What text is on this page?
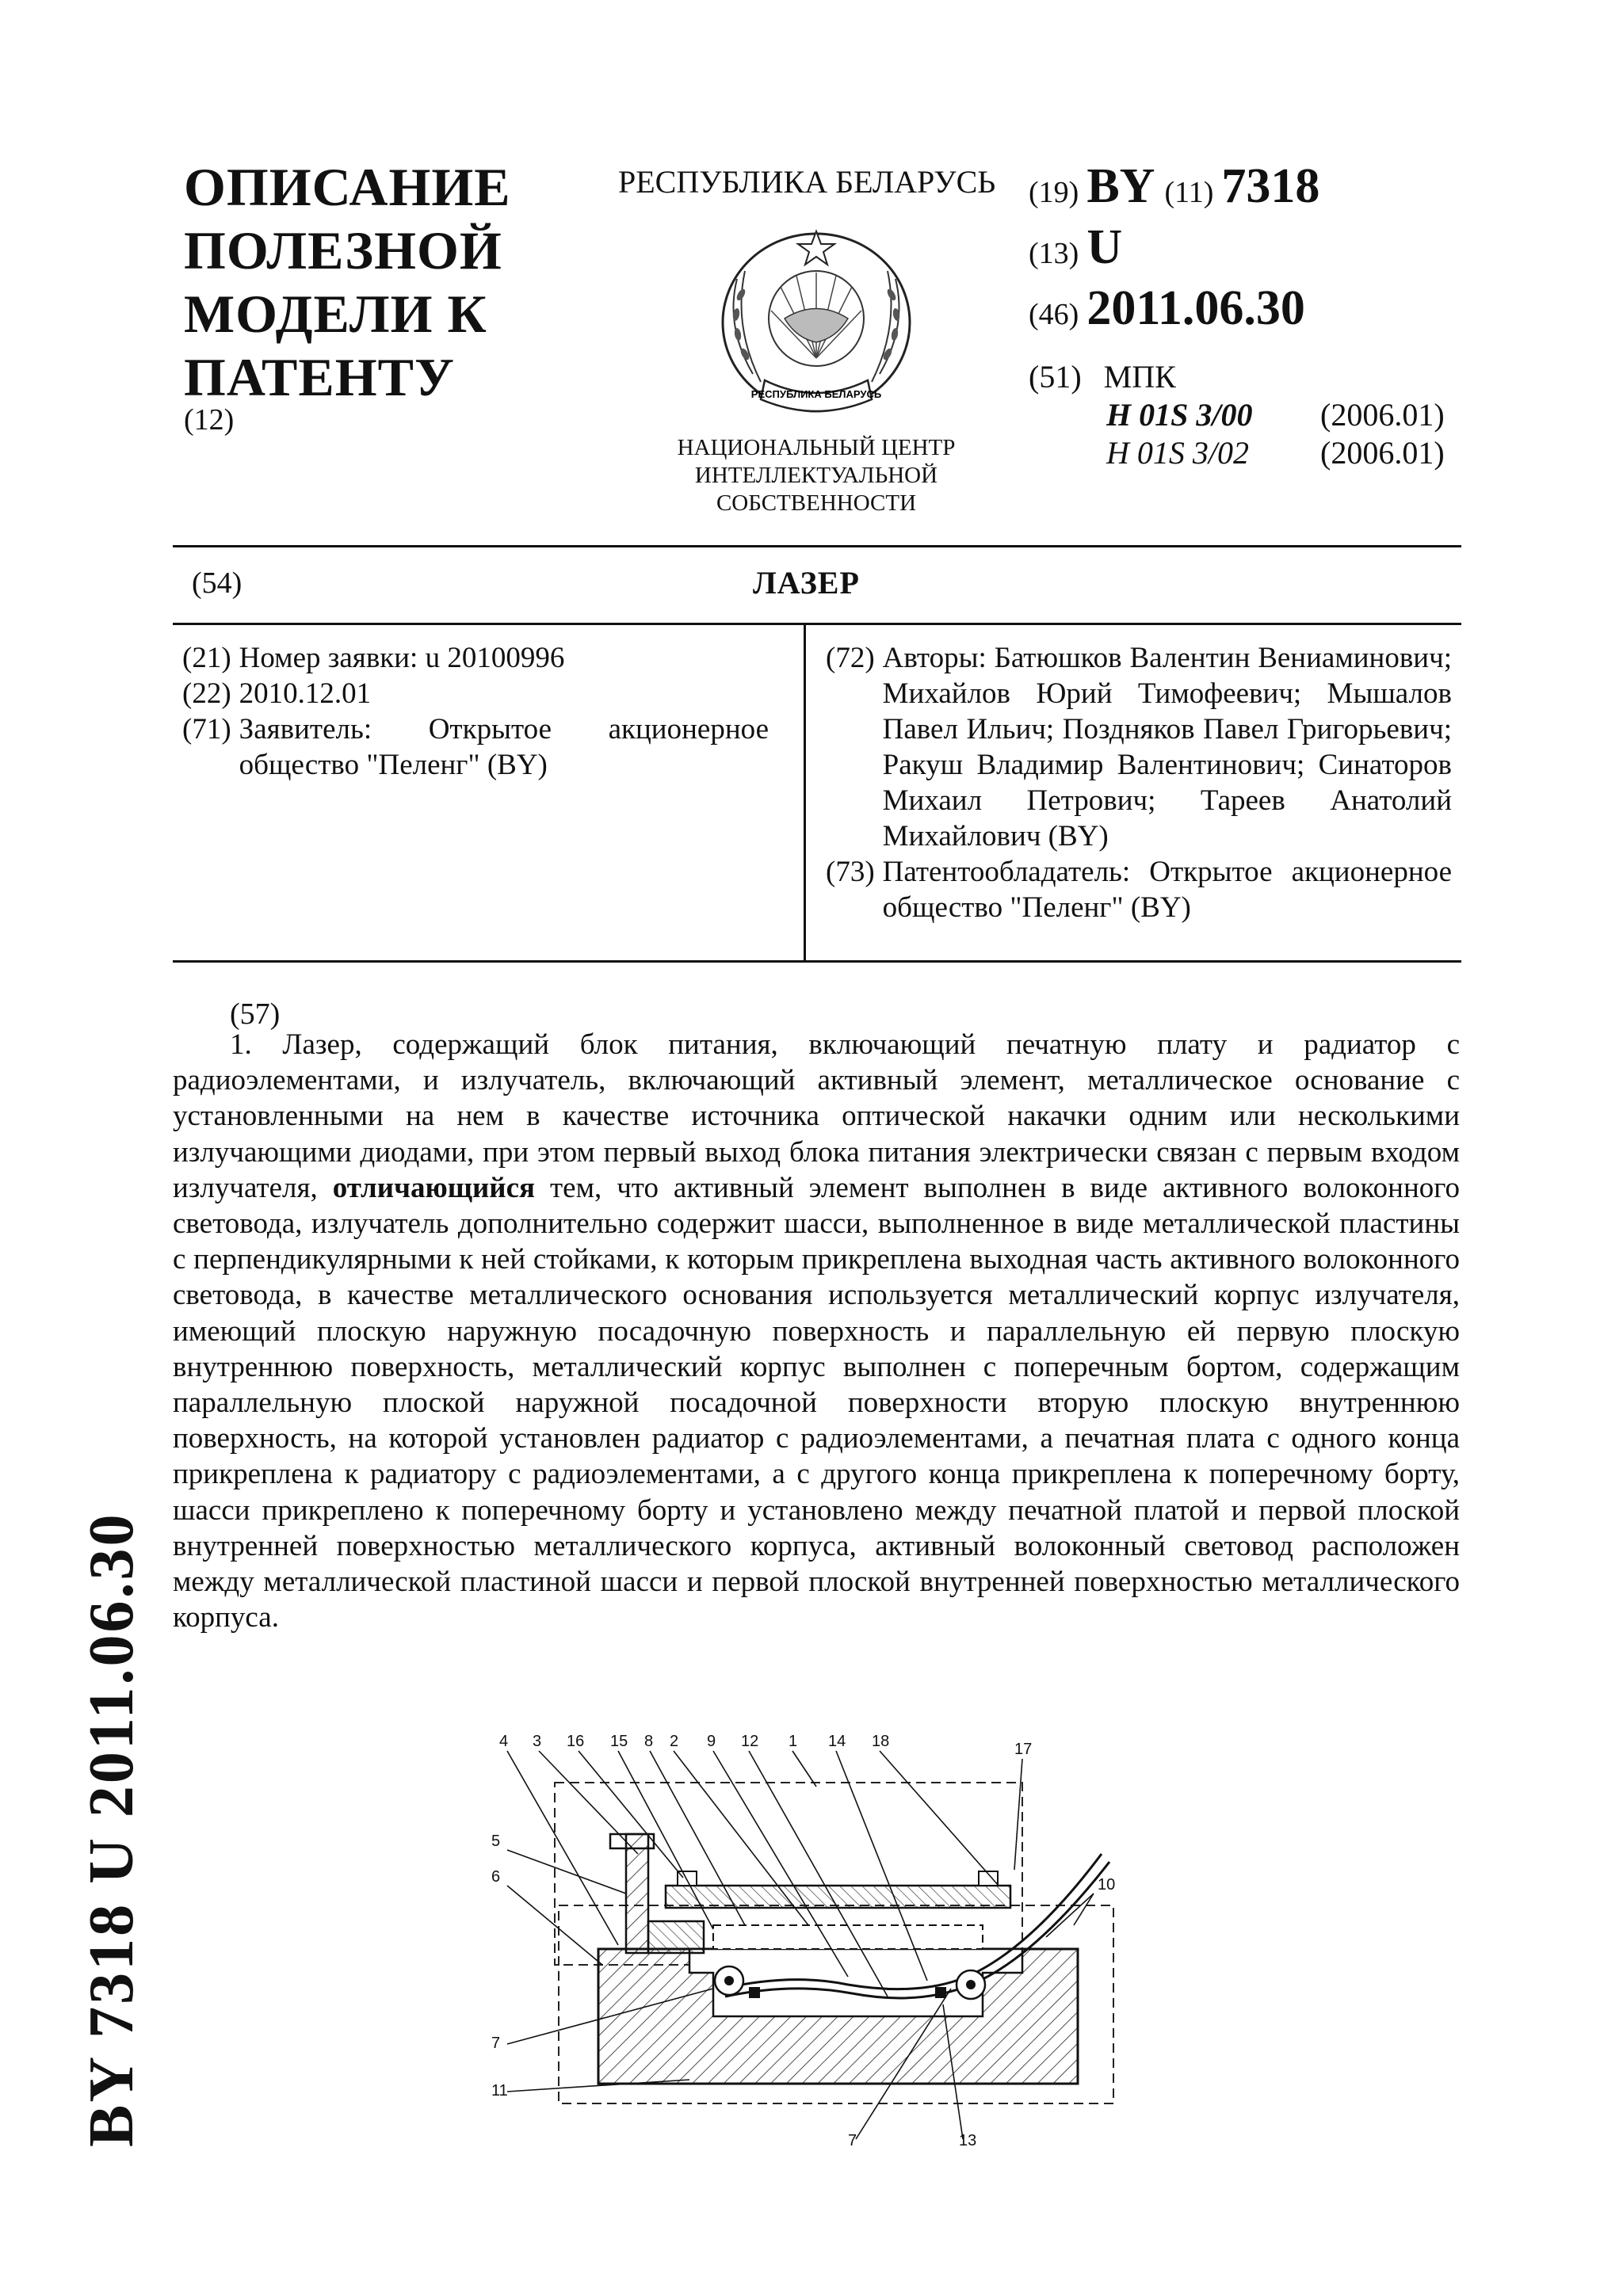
ОПИСАНИЕ
ПОЛЕЗНОЙ
МОДЕЛИ К
ПАТЕНТУ
(12)
РЕСПУБЛИКА БЕЛАРУСЬ
РЕСПУБЛИКА БЕЛАРУСЬ
НАЦИОНАЛЬНЫЙ ЦЕНТР
ИНТЕЛЛЕКТУАЛЬНОЙ
СОБСТВЕННОСТИ
(19) BY (11) 7318
(13) U
(46) 2011.06.30
(51) МПК
H 01S 3/00 (2006.01)
H 01S 3/02 (2006.01)
(54)	ЛАЗЕР
(21) Номер заявки: u 20100996
(22) 2010.12.01
(71) Заявитель: Открытое акционерное общество "Пеленг" (BY)
(72) Авторы: Батюшков Валентин Вениаминович; Михайлов Юрий Тимофеевич; Мышалов Павел Ильич; Поздняков Павел Григорьевич; Ракуш Владимир Валентинович; Синаторов Михаил Петрович; Тареев Анатолий Михайлович (BY)
(73) Патентообладатель: Открытое акционерное общество "Пеленг" (BY)
(57)
1. Лазер, содержащий блок питания, включающий печатную плату и радиатор с радиоэлементами, и излучатель, включающий активный элемент, металлическое основание с установленными на нем в качестве источника оптической накачки одним или несколькими излучающими диодами, при этом первый выход блока питания электрически связан с первым входом излучателя, отличающийся тем, что активный элемент выполнен в виде активного волоконного световода, излучатель дополнительно содержит шасси, выполненное в виде металлической пластины с перпендикулярными к ней стойками, к которым прикреплена выходная часть активного волоконного световода, в качестве металлического основания используется металлический корпус излучателя, имеющий плоскую наружную посадочную поверхность и параллельную ей первую плоскую внутреннюю поверхность, металлический корпус выполнен с поперечным бортом, содержащим параллельную плоской наружной посадочной поверхности вторую плоскую внутреннюю поверхность, на которой установлен радиатор с радиоэлементами, а печатная плата с одного конца прикреплена к радиатору с радиоэлементами, а с другого конца прикреплена к поперечному борту, шасси прикреплено к поперечному борту и установлено между печатной платой и первой плоской внутренней поверхностью металлического корпуса, активный волоконный световод расположен между металлической пластиной шасси и первой плоской внутренней поверхностью металлического корпуса.
BY 7318 U 2011.06.30	4 3 16 15 8 2 9 12 1 14 18	17
5
6
7
11
10
7	13
